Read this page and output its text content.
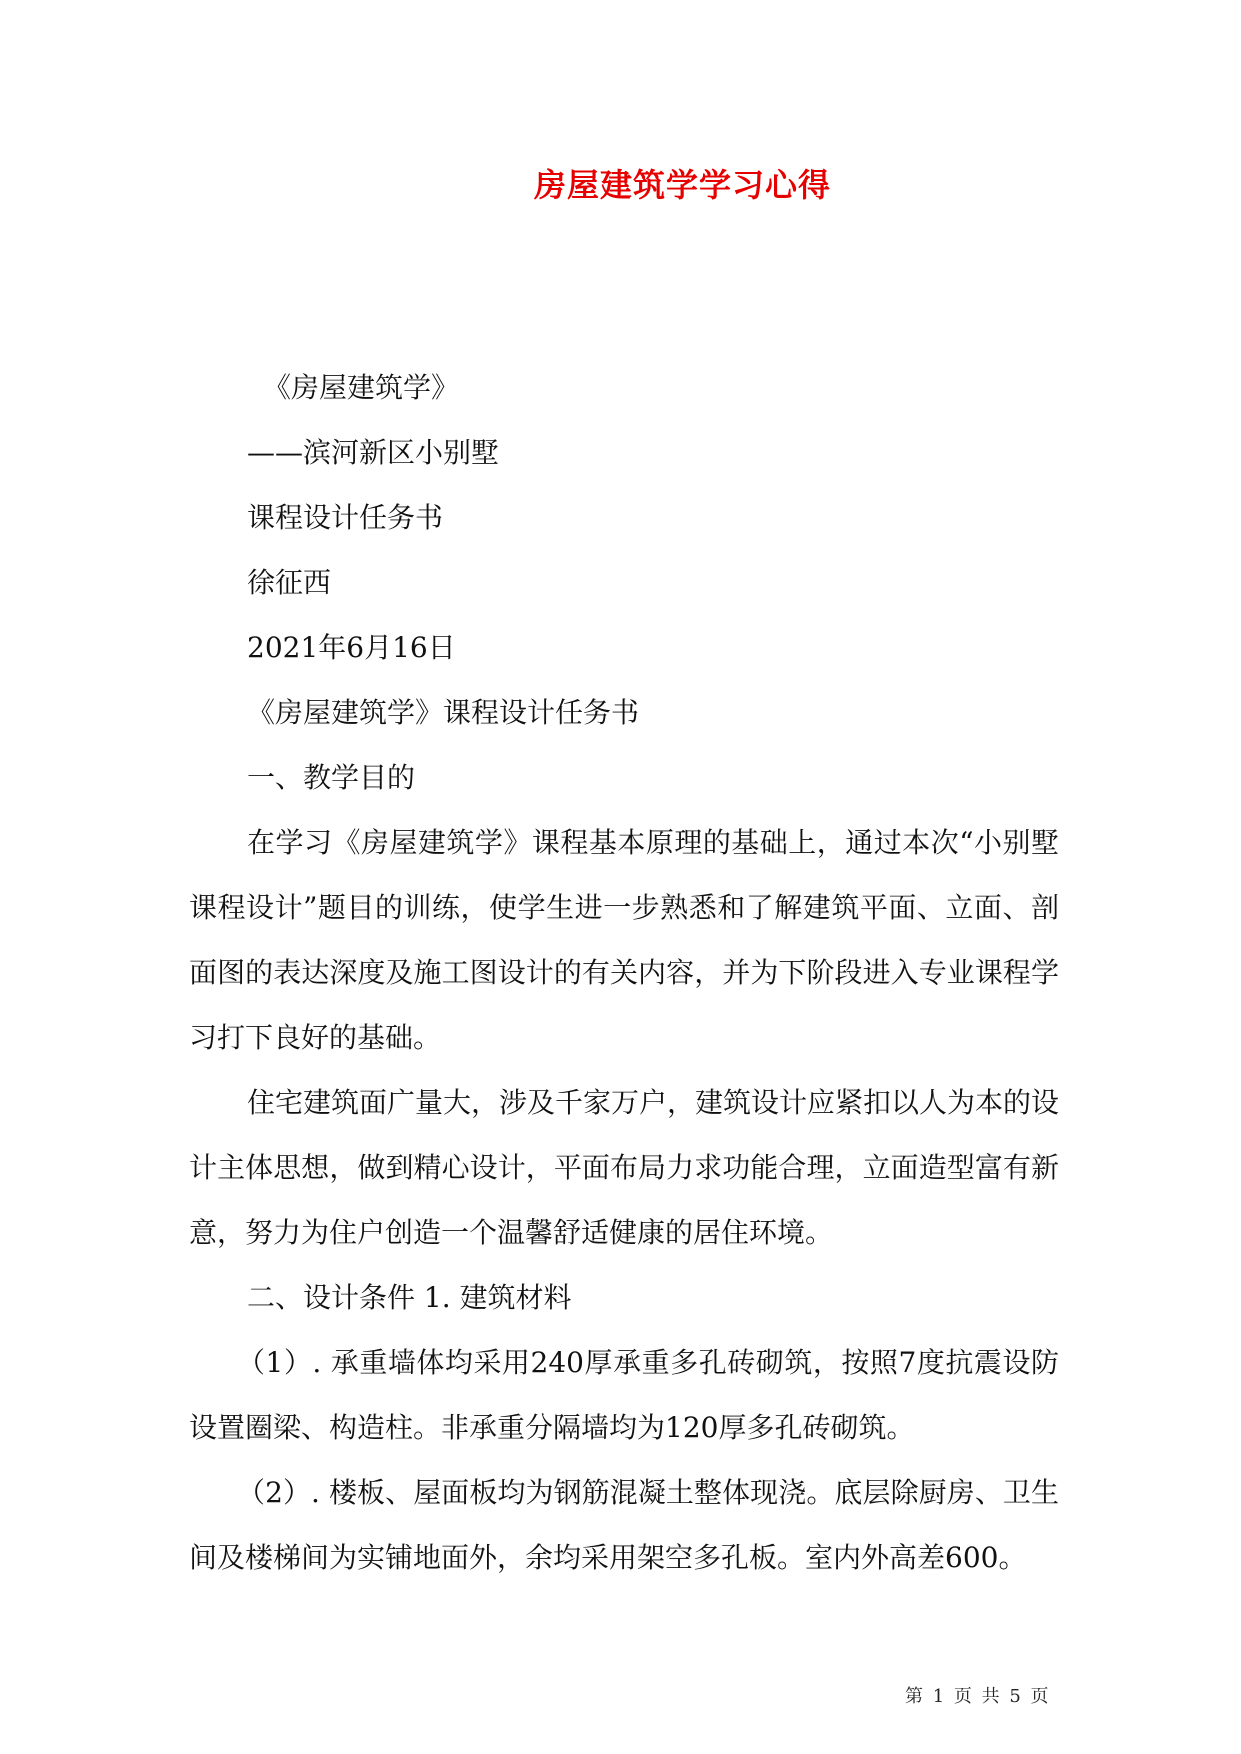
房屋建筑学学习心得

《房屋建筑学》

——滨河新区小别墅

课程设计任务书

徐征西

2021年6月16日

《房屋建筑学》课程设计任务书

一、教学目的

在学习《房屋建筑学》课程基本原理的基础上，通过本次“小别墅课程设计”题目的训练，使学生进一步熟悉和了解建筑平面、立面、剖面图的表达深度及施工图设计的有关内容，并为下阶段进入专业课程学习打下良好的基础。

住宅建筑面广量大，涉及千家万户，建筑设计应紧扣以人为本的设计主体思想，做到精心设计，平面布局力求功能合理，立面造型富有新意，努力为住户创造一个温馨舒适健康的居住环境。

二、设计条件 1. 建筑材料

（1）. 承重墙体均采用240厚承重多孔砖砌筑，按照7度抗震设防设置圈梁、构造柱。非承重分隔墙均为120厚多孔砖砌筑。

（2）. 楼板、屋面板均为钢筋混凝土整体现浇。底层除厨房、卫生间及楼梯间为实铺地面外，余均采用架空多孔板。室内外高差600。

第 1 页 共 5 页
